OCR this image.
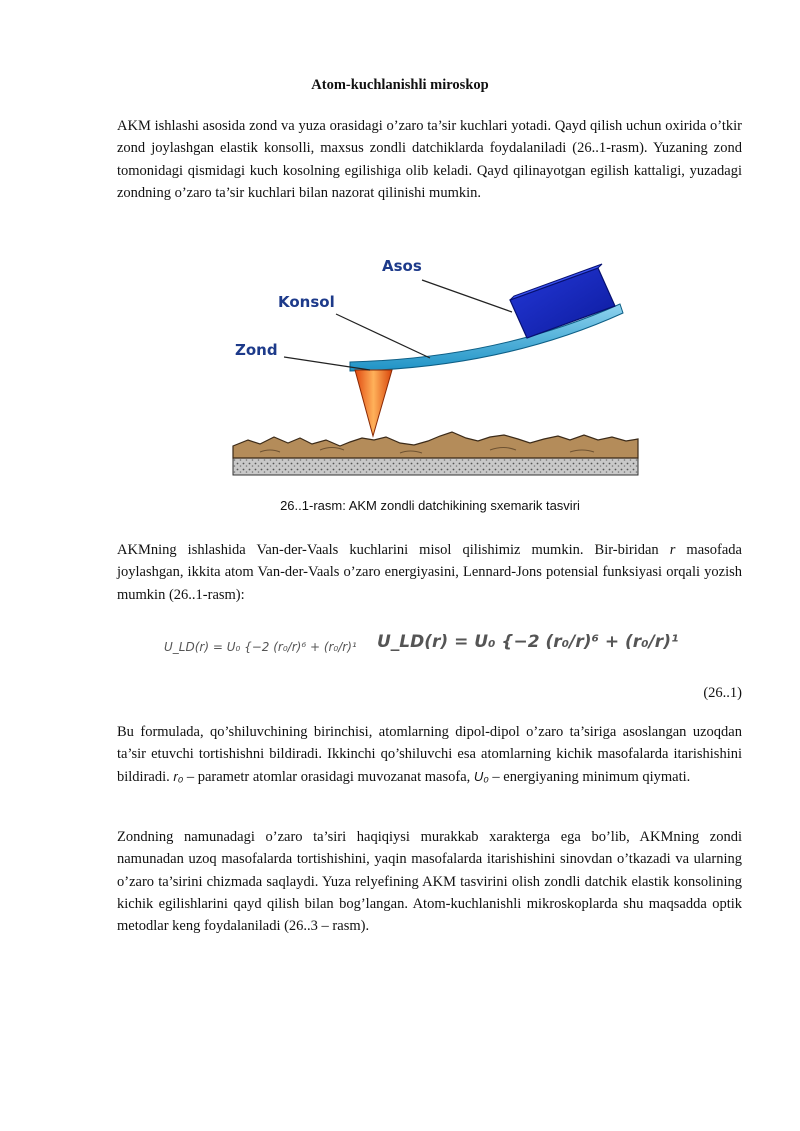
Atom-kuchlanishli miroskop

AKM ishlashi asosida zond va yuza orasidagi o’zaro ta’sir kuchlari yotadi. Qayd qilish uchun oxirida o’tkir zond joylashgan elastik konsolli, maxsus zondli datchiklarda foydalaniladi (26..1-rasm). Yuzaning zond tomonidagi qismidagi kuch kosolning egilishiga olib keladi. Qayd qilinayotgan egilish kattaligi, yuzadagi zondning o’zaro ta’sir kuchlari bilan nazorat qilinishi mumkin.

Asos
Konsol
Zond
26..1-rasm: AKM zondli datchikining sxemarik tasviri

AKMning ishlashida Van-der-Vaals kuchlarini misol qilishimiz mumkin. Bir-biridan r masofada joylashgan, ikkita atom Van-der-Vaals o’zaro energiyasini, Lennard-Jons potensial funksiyasi orqali yozish mumkin (26..1-rasm):

U_LD(r) = U₀ {−2 (r₀/r)⁶ + (r₀/r)¹ U_LD(r) = U₀ {−2 (r₀/r)⁶ + (r₀/r)¹
(26..1)

Bu formulada, qo’shiluvchining birinchisi, atomlarning dipol-dipol o’zaro ta’siriga asoslangan uzoqdan ta’sir etuvchi tortishishni bildiradi. Ikkinchi qo’shiluvchi esa atomlarning kichik masofalarda itarishishini bildiradi. r₀ – parametr atomlar orasidagi muvozanat masofa, U₀ – energiyaning minimum qiymati.

Zondning namunadagi o’zaro ta’siri haqiqiysi murakkab xarakterga ega bo’lib, AKMning zondi namunadan uzoq masofalarda tortishishini, yaqin masofalarda itarishishini sinovdan o’tkazadi va ularning o’zaro ta’sirini chizmada saqlaydi. Yuza relyefining AKM tasvirini olish zondli datchik elastik konsolining kichik egilishlarini qayd qilish bilan bog’langan. Atom-kuchlanishli mikroskoplarda shu maqsadda optik metodlar keng foydalaniladi (26..3 – rasm).
